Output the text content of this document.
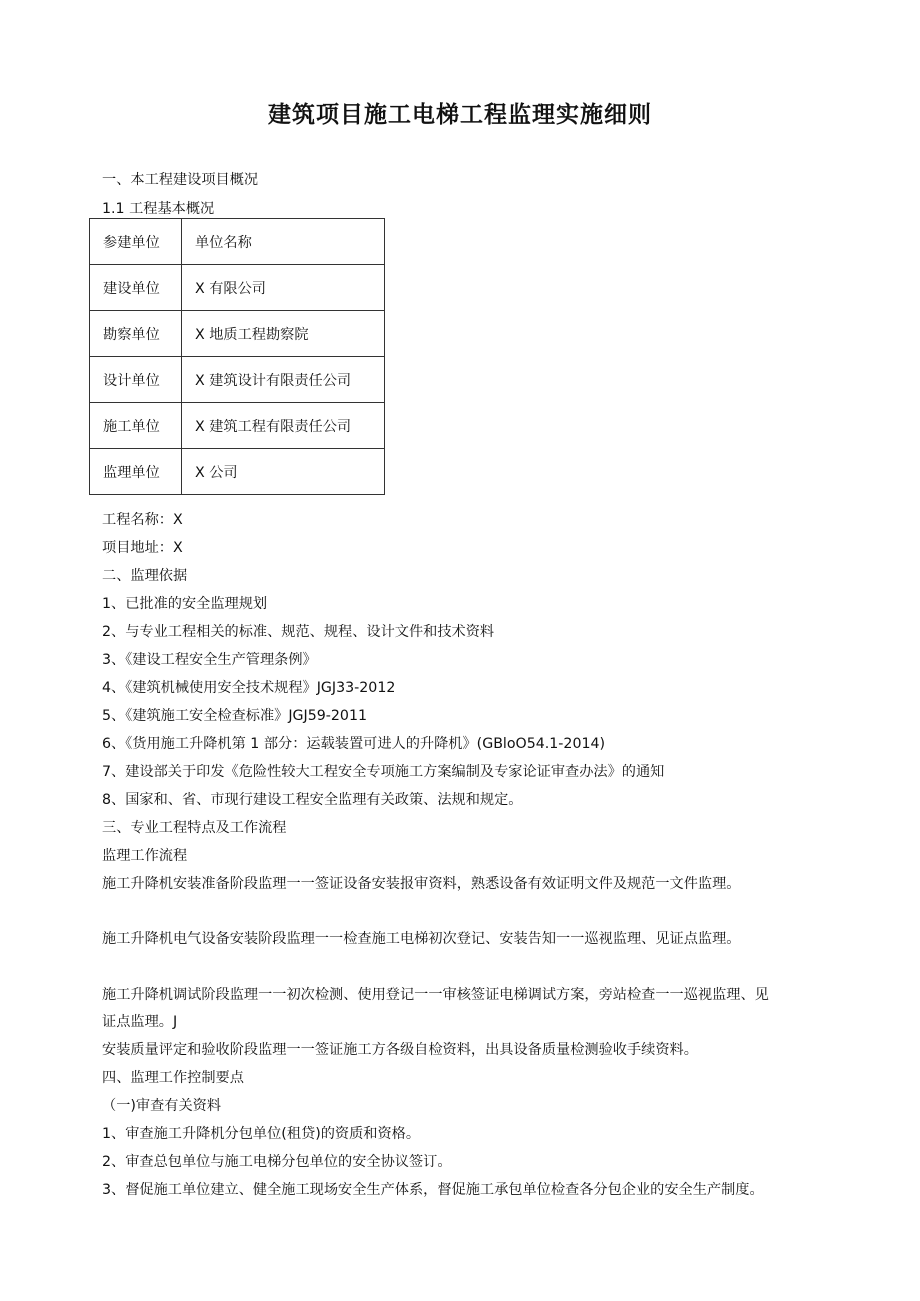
建筑项目施工电梯工程监理实施细则
一、本工程建设项目概况
1.1 工程基本概况
参建单位	单位名称
建设单位	X 有限公司
勘察单位	X 地质工程勘察院
设计单位	X 建筑设计有限责任公司
施工单位	X 建筑工程有限责任公司
监理单位	X 公司
工程名称：X
项目地址：X
二、监理依据
1、已批准的安全监理规划
2、与专业工程相关的标准、规范、规程、设计文件和技术资料
3、《建设工程安全生产管理条例》
4、《建筑机械使用安全技术规程》JGJ33-2012
5、《建筑施工安全检查标准》JGJ59-2011
6、《货用施工升降机第 1 部分：运载装置可进人的升降机》(GBloO54.1-2014)
7、建设部关于印发《危险性较大工程安全专项施工方案编制及专家论证审查办法》的通知
8、国家和、省、市现行建设工程安全监理有关政策、法规和规定。
三、专业工程特点及工作流程
监理工作流程
施工升降机安装准备阶段监理一一签证设备安装报审资料，熟悉设备有效证明文件及规范一文件监理。
施工升降机电气设备安装阶段监理一一检查施工电梯初次登记、安装告知一一巡视监理、见证点监理。
施工升降机调试阶段监理一一初次检测、使用登记一一审核签证电梯调试方案，旁站检查一一巡视监理、见
证点监理。J
安装质量评定和验收阶段监理一一签证施工方各级自检资料，出具设备质量检测验收手续资料。
四、监理工作控制要点
（一)审查有关资料
1、审查施工升降机分包单位(租贷)的资质和资格。
2、审查总包单位与施工电梯分包单位的安全协议签订。
3、督促施工单位建立、健全施工现场安全生产体系，督促施工承包单位检查各分包企业的安全生产制度。
